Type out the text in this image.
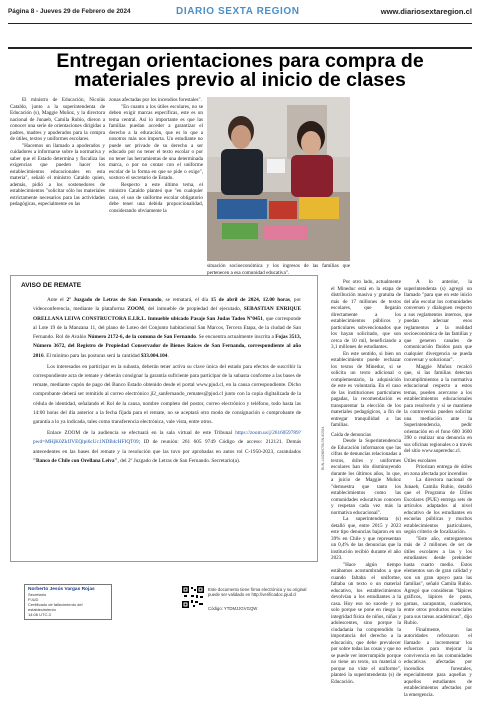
Página 8 - Jueves 29 de Febrero de 2024	DIARIO SEXTA REGION	www.diariosextaregion.cl
Entregan orientaciones para compra de materiales previo al inicio de clases

El ministro de Educación, Nicolás Cataldo, junto a la superintendenta de Educación (s), Maggie Muñoz, y la directora nacional de Junaeb, Camila Rubio, dieron a conocer una serie de orientaciones dirigidas a padres, madres y apoderados para la compra de útiles, textos y uniformes escolares.

"Hacemos un llamado a apoderados y cuidadores a informarse sobre la normativa y saber que el Estado determina y fiscaliza las exigencias que pueden hacer los establecimientos educacionales en esta materia", señaló el ministro Cataldo quien, además, pidió a los sostenedores de establecimientos "solicitar sólo los materiales estrictamente necesarios para las actividades pedagógicas, especialmente en las

zonas afectadas por los incendios forestales".

"En cuanto a los útiles escolares, no se deben exigir marcas específicas, este es un tema central. Así lo importante es que las familias puedan acceder a garantizar el derecho a la educación, que es lo que a nosotros más nos importa. Un estudiante no puede ser privado de su derecho a ser educado por no tener el texto escolar o por no tener las herramientas de una determinada marca, o por no contar con el uniforme escolar de la forma en que se pide o exige", sostuvo el secretario de Estado.

Respecto a este último tema, el ministro Cataldo planteó que "en cualquier caso, el uso de uniforme escolar obligatorio debe tener una debida proporcionalidad, considerando obviamente la

situación socioeconómica y los ingresos de las familias que pertenecen a esa comunidad educativa".

Por otro lado, actualmente el Mineduc está en la etapa de distribución masiva y gratuita de más de 17 millones de textos escolares, que llegarán directamente a los establecimientos públicos y particulares subvencionados que los hayan solicitado, que son cerca de 10 mil, beneficiando a 3,1 millones de estudiantes.

En este sentido, si bien un establecimiento puede rechazar los textos de Mineduc, si se solicita un texto adicional o complementario, la adquisición de este es voluntaria. En el caso de las instituciones particulares pagadas, la recomendación es transparentar la elección de los materiales pedagógicos, a fin de entregar tranquilidad a las familias.

Caída de denuncias

Desde la Superintendencia de Educación informaron que las cifras de denuncias relacionadas a textos, útiles y uniformes escolares han ido disminuyendo durante los últimos años, lo que, a juicio de Maggie Muñoz "demuestra que tanto los establecimientos como las comunidades educativas conocen y respetan cada vez más la normativa educacional".

La superintendenta (s) detalló que, entre 2015 y 2023 este tipo denuncias bajaron en un 39% en Chile y que representan un 0,4% de las denuncias que la institución recibió durante el año 2023.

"Hace algún tiempo estábamos acostumbrados a que cuando faltaba el uniforme, faltaba un texto o un material educativo, los establecimientos devolvían a los estudiantes a la casa. Hoy eso no sucede y no solo porque se pone en riesgo la integridad física de niños, niñas y adolescentes, sino porque la ciudadanía ha comprendido la importancia del derecho a la educación, que debe prevalecer por sobre todas las cosas y que no se puede ver interrumpido porque no tiene un texto, un material o porque no viste el uniforme", planteó la superintendenta (s) de Educación.

A lo anterior, la superintendenta (s) agregó un llamado "para que en este inicio del año escolar los comunidades conversen y dialoguen respecto a sus reglamentos internos, que puedan adecuar esos reglamentos a la realidad socioeconómica de las familias y que generen canales de comunicación fluidos para que cualquier divergencia se pueda conversar y solucionar".

Maggie Muñoz recalcó que, si las familias detectan incumplimientos a la normativa educacional respecto a estos temas, pueden acercarse a los establecimientos educacionales para resolverlo y si se mantiene la controversia pueden solicitar una mediación ante la Superintendencia, pedir orientación en el fono 600 3600 390 o realizar una denuncia en sus oficinas regionales o a través del sitio www.supereduc.cl.

Útiles escolares

Priorizan entrega de útiles en zona afectada por incendios

La directora nacional de Junaeb, Camila Rubio, detalló que el Programa de Útiles Escolares (PUE) entrega sets de artículos adaptados al nivel educativo de los estudiantes en escuelas públicas y muchos establecimientos particulares, según criterio de focalización.

"Este año, entregaremos más de 2 millones de set de útiles escolares a las y los estudiantes desde prekínder hasta cuarto medio. Estos elementos son de gran calidad y son un gran apoyo para las familias", señaló Camila Rubio. Agregó que consideran "lápices gráficos, lápices de pasta, gomas, sacapuntas, cuadernos, entre otros productos esenciales para sus tareas académicas", dijo Rubio.

Finalmente, las autoridades reforzaron el llamado a incrementar los esfuerzos para mejorar la convivencia en las comunidades educativas afectadas por incendios forestales, especialmente para aquellas y aquellos estudiantes de establecimientos afectados por la emergencia.

AVISO DE REMATE

Ante el 2º Juzgado de Letras de San Fernando, se rematará, el día 15 de abril de 2024, 12.00 horas, por videoconferencia, mediante la plataforma ZOOM, del inmueble de propiedad del ejecutado, SEBASTIAN ENRIQUE ORELLANA LEIVA CONSTRUCTORA E.I.R.L. Inmueble ubicado Pasaje San Judas Tadeo Nº0451, que corresponde al Lote 19 de la Manzana 11, del plano de Loteo del Conjunto habitacional San Marcos, Tercera Etapa, de la ciudad de San Fernando. Rol de Avalúo Número 2172-6, de la comuna de San Fernando. Se encuentra actualmente inscrita a Fojas 3513, Número 3672, del Registro de Propiedad Conservador de Bienes Raíces de San Fernando, correspondiente al año 2016. El mínimo para las posturas será la cantidad $33.004.104.

Los interesados en participar en la subasta, deberán tener activa su clave única del estado para efectos de suscribir la correspondiente acta de remate y deberán consignar la garantía suficiente para participar de la subasta conforme a las bases de remate, mediante cupón de pago del Banco Estado obtenido desde el portal www.pjud.cl, en la causa correspondiente. Dicho comprobante deberá ser remitido al correo electrónico jl2_sanfernando_remates@pjud.cl junto con la copia digitalizada de la cédula de identidad, señalando el Rol de la causa, nombre completo del postor, correo electrónico y teléfono, todo hasta las 14:00 horas del día anterior a la fecha fijada para el remate, no se aceptará otro modo de consignación o comprobante de garantía a lo ya indicada, tales como transferencia electrónica, vale vista, entre otros.

Enlace ZOOM de la audiencia se efectuará en la sala virtual de este Tribunal https://zoom.us/j/2616059789?pwd=MHjK0ZkfJVEQlpi6cUc1NDB4cHFIQT09; ID de reunión: 261 605 9749 Código de acceso: 212121. Demás antecedentes en las bases del remate y la resolución que las tuvo por aprobadas en autos rol C-1950-2023, caratulados "Banco de Chile con Orellana Leiva", del 2º Juzgado de Letras de San Fernando. Secretario(a).

Norberto Jesús Vargas Rojas
Secretario
PJUD
Certificado de fallecimiento del establecimiento
14:06 UTC-3
Este documento tiene firma electrónica y su original puede ser validado en http://verificadoc.pjud.cl
Código: YTDMJJGVGQW
RUN-1442689709-SN-8/2024
